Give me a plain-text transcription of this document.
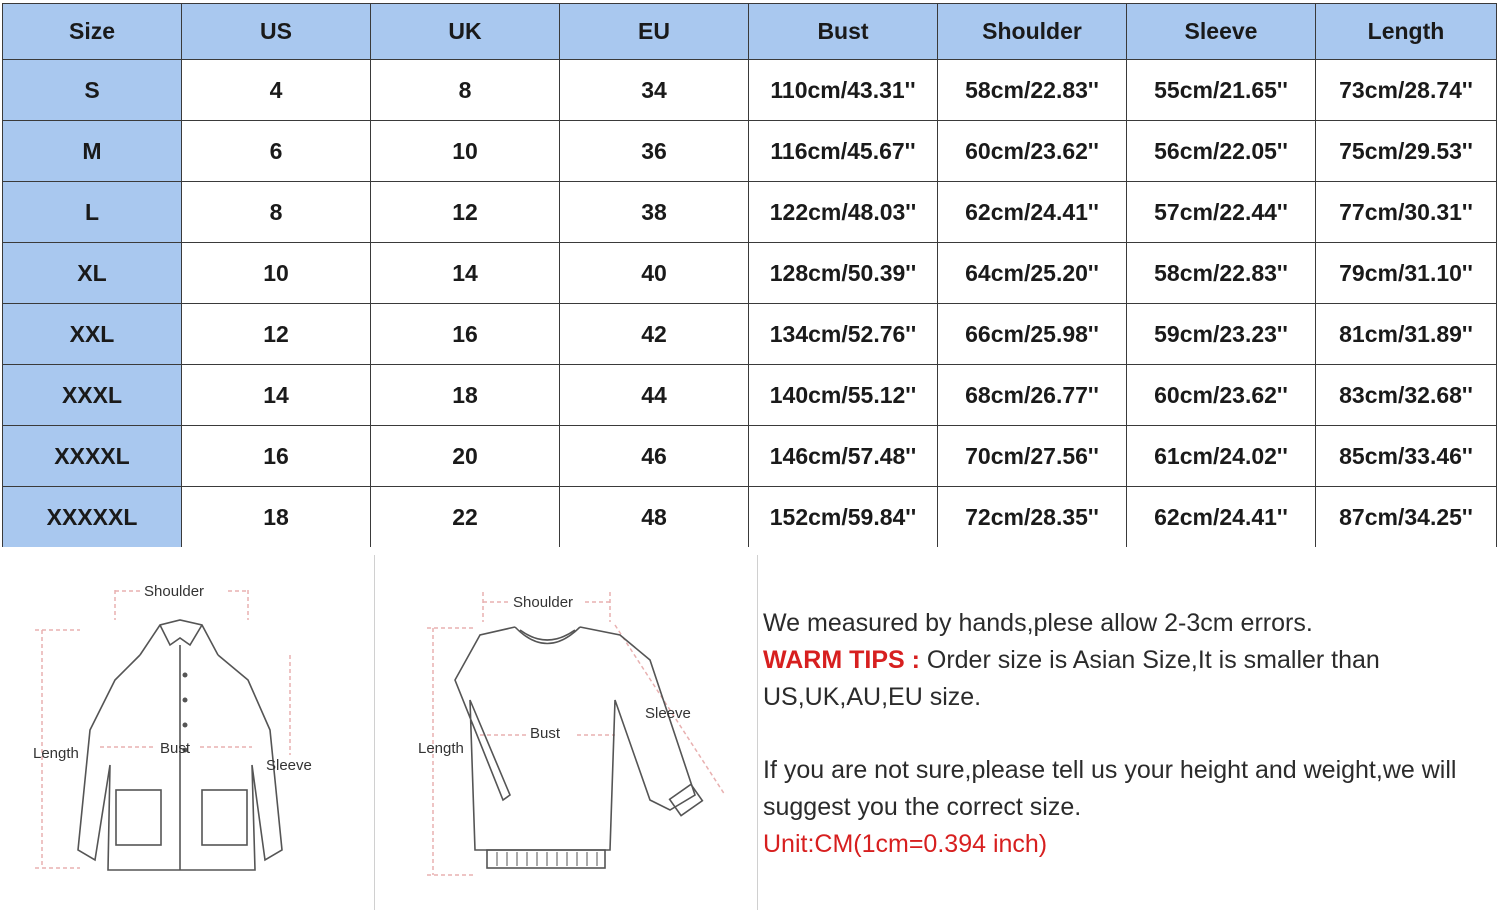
Size	US	UK	EU	Bust	Shoulder	Sleeve	Length
S	4	8	34	110cm/43.31''	58cm/22.83''	55cm/21.65''	73cm/28.74''
M	6	10	36	116cm/45.67''	60cm/23.62''	56cm/22.05''	75cm/29.53''
L	8	12	38	122cm/48.03''	62cm/24.41''	57cm/22.44''	77cm/30.31''
XL	10	14	40	128cm/50.39''	64cm/25.20''	58cm/22.83''	79cm/31.10''
XXL	12	16	42	134cm/52.76''	66cm/25.98''	59cm/23.23''	81cm/31.89''
XXXL	14	18	44	140cm/55.12''	68cm/26.77''	60cm/23.62''	83cm/32.68''
XXXXL	16	20	46	146cm/57.48''	70cm/27.56''	61cm/24.02''	85cm/33.46''
XXXXXL	18	22	48	152cm/59.84''	72cm/28.35''	62cm/24.41''	87cm/34.25''
Shoulder
Length	Bust
Sleeve
Shoulder
Length
Bust
Sleeve

We measured by hands,plese allow 2-3cm errors.

WARM TIPS : Order size is Asian Size,It is smaller than US,UK,AU,EU size.

If you are not sure,please tell us your height and weight,we will suggest you the correct size.

Unit:CM(1cm=0.394 inch)
